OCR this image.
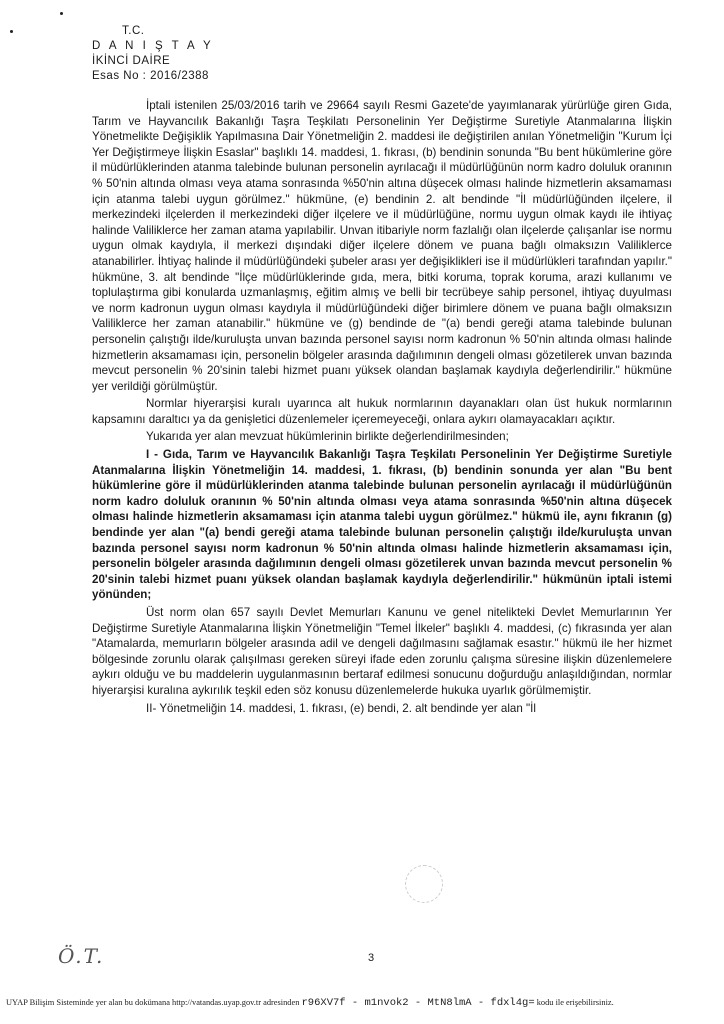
T.C.
D A N I Ş T A Y
İKİNCİ DAİRE
Esas No : 2016/2388

İptali istenilen 25/03/2016 tarih ve 29664 sayılı Resmi Gazete'de yayımlanarak yürürlüğe giren Gıda, Tarım ve Hayvancılık Bakanlığı Taşra Teşkilatı Personelinin Yer Değiştirme Suretiyle Atanmalarına İlişkin Yönetmelikte Değişiklik Yapılmasına Dair Yönetmeliğin 2. maddesi ile değiştirilen anılan Yönetmeliğin "Kurum İçi Yer Değiştirmeye İlişkin Esaslar" başlıklı 14. maddesi, 1. fıkrası, (b) bendinin sonunda "Bu bent hükümlerine göre il müdürlüklerinden atanma talebinde bulunan personelin ayrılacağı il müdürlüğünün norm kadro doluluk oranının % 50'nin altında olması veya atama sonrasında %50'nin altına düşecek olması halinde hizmetlerin aksamaması için atanma talebi uygun görülmez." hükmüne, (e) bendinin 2. alt bendinde "İl müdürlüğünden ilçelere, il merkezindeki ilçelerden il merkezindeki diğer ilçelere ve il müdürlüğüne, normu uygun olmak kaydı ile ihtiyaç halinde Valiliklerce her zaman atama yapılabilir. Unvan itibariyle norm fazlalığı olan ilçelerde çalışanlar ise normu uygun olmak kaydıyla, il merkezi dışındaki diğer ilçelere dönem ve puana bağlı olmaksızın Valiliklerce atanabilirler. İhtiyaç halinde il müdürlüğündeki şubeler arası yer değişiklikleri ise il müdürlükleri tarafından yapılır." hükmüne, 3. alt bendinde "İlçe müdürlüklerinde gıda, mera, bitki koruma, toprak koruma, arazi kullanımı ve toplulaştırma gibi konularda uzmanlaşmış, eğitim almış ve belli bir tecrübeye sahip personel, ihtiyaç duyulması ve norm kadronun uygun olması kaydıyla il müdürlüğündeki diğer birimlere dönem ve puana bağlı olmaksızın Valiliklerce her zaman atanabilir." hükmüne ve (g) bendinde de "(a) bendi gereği atama talebinde bulunan personelin çalıştığı ilde/kuruluşta unvan bazında personel sayısı norm kadronun % 50'nin altında olması halinde hizmetlerin aksamaması için, personelin bölgeler arasında dağılımının dengeli olması gözetilerek unvan bazında mevcut personelin % 20'sinin talebi hizmet puanı yüksek olandan başlamak kaydıyla değerlendirilir." hükmüne yer verildiği görülmüştür.

Normlar hiyerarşisi kuralı uyarınca alt hukuk normlarının dayanakları olan üst hukuk normlarının kapsamını daraltıcı ya da genişletici düzenlemeler içeremeyeceği, onlara aykırı olamayacakları açıktır.

Yukarıda yer alan mevzuat hükümlerinin birlikte değerlendirilmesinden;

I - Gıda, Tarım ve Hayvancılık Bakanlığı Taşra Teşkilatı Personelinin Yer Değiştirme Suretiyle Atanmalarına İlişkin Yönetmeliğin 14. maddesi, 1. fıkrası, (b) bendinin sonunda yer alan "Bu bent hükümlerine göre il müdürlüklerinden atanma talebinde bulunan personelin ayrılacağı il müdürlüğünün norm kadro doluluk oranının % 50'nin altında olması veya atama sonrasında %50'nin altına düşecek olması halinde hizmetlerin aksamaması için atanma talebi uygun görülmez." hükmü ile, aynı fıkranın (g) bendinde yer alan "(a) bendi gereği atama talebinde bulunan personelin çalıştığı ilde/kuruluşta unvan bazında personel sayısı norm kadronun % 50'nin altında olması halinde hizmetlerin aksamaması için, personelin bölgeler arasında dağılımının dengeli olması gözetilerek unvan bazında mevcut personelin % 20'sinin talebi hizmet puanı yüksek olandan başlamak kaydıyla değerlendirilir." hükmünün iptali istemi yönünden;

Üst norm olan 657 sayılı Devlet Memurları Kanunu ve genel nitelikteki Devlet Memurlarının Yer Değiştirme Suretiyle Atanmalarına İlişkin Yönetmeliğin "Temel İlkeler" başlıklı 4. maddesi, (c) fıkrasında yer alan "Atamalarda, memurların bölgeler arasında adil ve dengeli dağılmasını sağlamak esastır." hükmü ile her hizmet bölgesinde zorunlu olarak çalışılması gereken süreyi ifade eden zorunlu çalışma süresine ilişkin düzenlemelere aykırı olduğu ve bu maddelerin uygulanmasının bertaraf edilmesi sonucunu doğurduğu anlaşıldığından, normlar hiyerarşisi kuralına aykırılık teşkil eden söz konusu düzenlemelerde hukuka uyarlık görülmemiştir.

II- Yönetmeliğin 14. maddesi, 1. fıkrası, (e) bendi, 2. alt bendinde yer alan "İl

Ö.T.	3
UYAP Bilişim Sisteminde yer alan bu dokümana http://vatandas.uyap.gov.tr adresinden r96XV7f - m1nvok2 - MtN8lmA - fdxl4g= kodu ile erişebilirsiniz.
